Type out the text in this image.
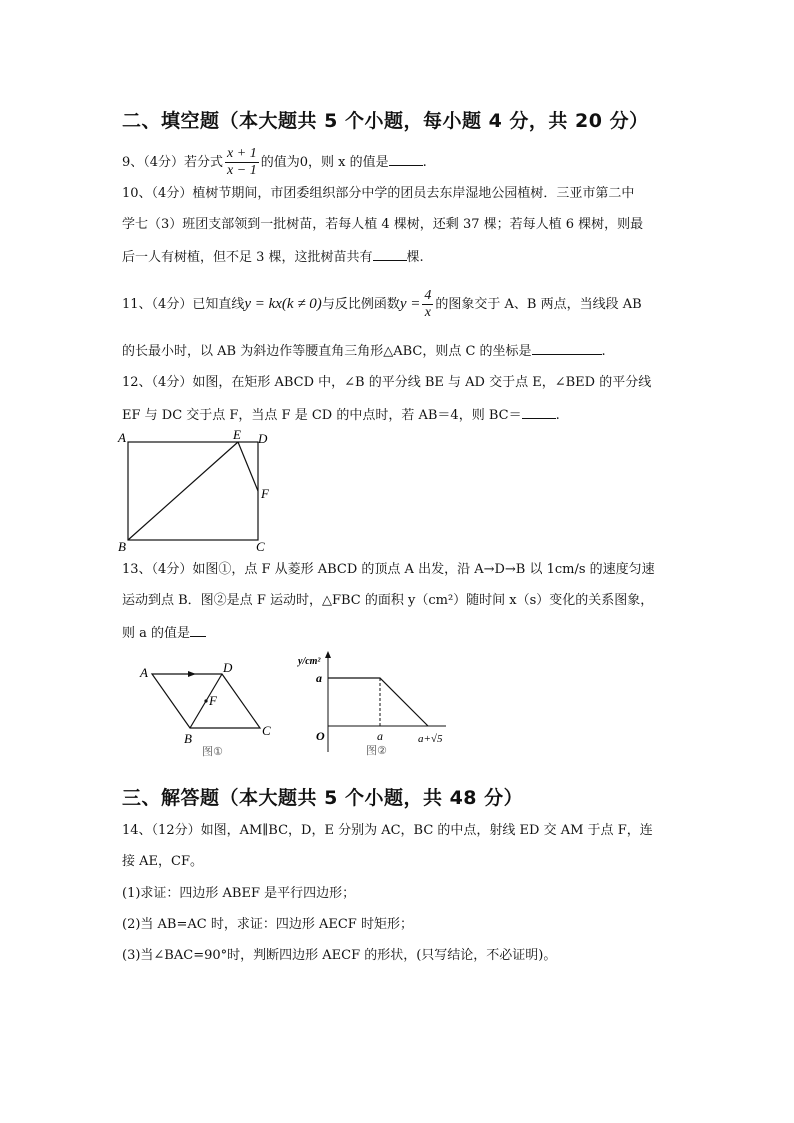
二、填空题（本大题共 5 个小题，每小题 4 分，共 20 分）
9、（4分）若分式 $\frac{x + 1}{x - 1}$ 的值为0，则 x 的值是	.
10、（4分）植树节期间，市团委组织部分中学的团员去东岸湿地公园植树．三亚市第二中
学七（3）班团支部领到一批树苗，若每人植 4 棵树，还剩 37 棵；若每人植 6 棵树，则最
后一人有树植，但不足 3 棵，这批树苗共有	棵.
11、（4分）已知直线y = kx(k ≠ 0)与反比例函数$y = \frac{4}{x}$ 的图象交于 A、B 两点，当线段 AB
的长最小时，以 AB 为斜边作等腰直角三角形△ABC，则点 C 的坐标是	.
12、（4分）如图，在矩形 ABCD 中，∠B 的平分线 BE 与 AD 交于点 E，∠BED 的平分线
EF 与 DC 交于点 F，当点 F 是 CD 的中点时，若 AB＝4，则 BC＝	.
A	E D
F
B	C
13、（4分）如图①，点 F 从菱形 ABCD 的顶点 A 出发，沿 A→D→B 以 1cm/s 的速度匀速
运动到点 B．图②是点 F 运动时，△FBC 的面积 y（cm²）随时间 x（s）变化的关系图象，
则 a 的值是
A	D
F
B
C
图①
y/cm²
a
O	a	a+√5
图②
三、解答题（本大题共 5 个小题，共 48 分）
14、（12分）如图，AM∥BC，D，E 分别为 AC，BC 的中点，射线 ED 交 AM 于点 F，连
接 AE，CF。
(1)求证：四边形 ABEF 是平行四边形；
(2)当 AB=AC 时，求证：四边形 AECF 时矩形；
(3)当∠BAC=90°时，判断四边形 AECF 的形状，(只写结论，不必证明)。
